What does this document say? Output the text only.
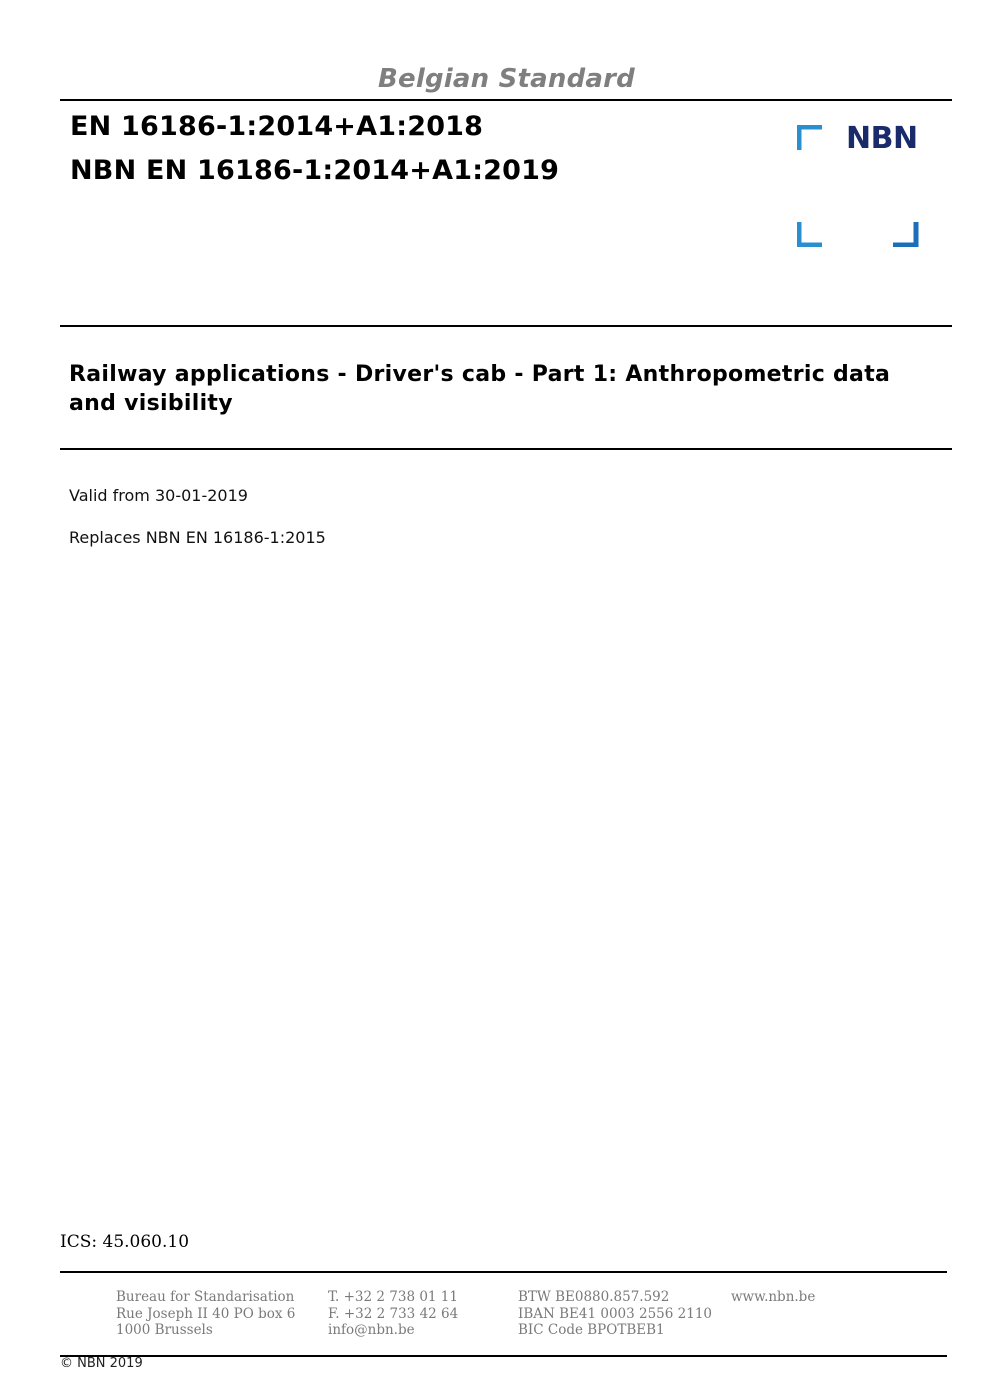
Belgian Standard
EN 16186-1:2014+A1:2018
NBN EN 16186-1:2014+A1:2019
NBN
Railway applications - Driver's cab - Part 1: Anthropometric data and visibility
Valid from 30-01-2019
Replaces NBN EN 16186-1:2015
ICS: 45.060.10
Bureau for Standarisation
Rue Joseph II 40 PO box 6
1000 Brussels
T. +32 2 738 01 11
F. +32 2 733 42 64
info@nbn.be
BTW BE0880.857.592
IBAN BE41 0003 2556 2110
BIC Code BPOTBEB1
www.nbn.be
© NBN 2019
